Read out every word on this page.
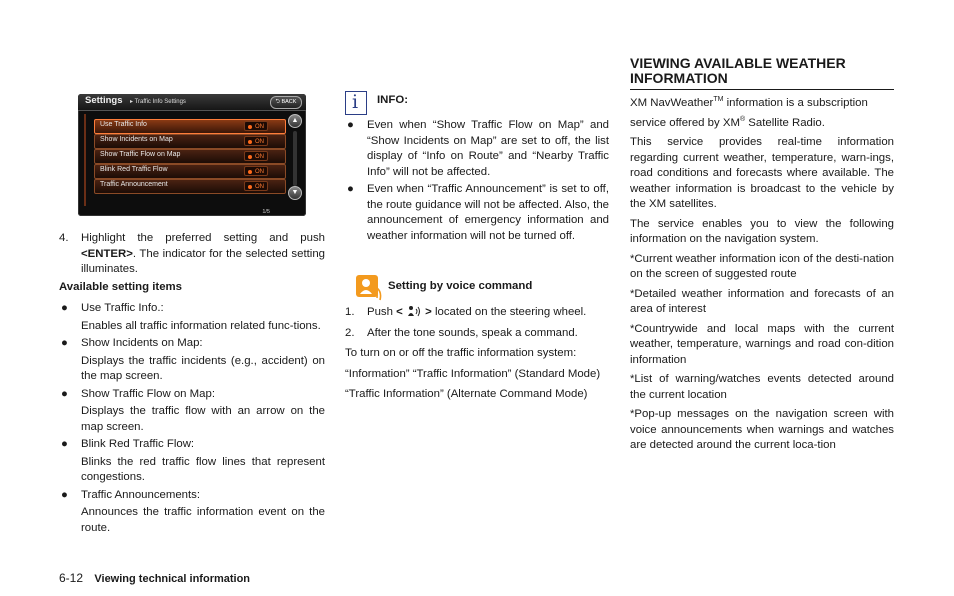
Settings ▸ Traffic Info Settings	⮌ BACK
Use Traffic Info	ON
Show Incidents on Map	ON
Show Traffic Flow on Map	ON
Blink Red Traffic Flow	ON
Traffic Announcement	ON
▲
▼
1/5
4. Highlight the preferred setting and push <ENTER>. The indicator for the selected setting illuminates.

Available setting items
● Use Traffic Info.:

Enables all traffic information related func-tions.

● Show Incidents on Map:

Displays the traffic incidents (e.g., accident) on the map screen.

● Show Traffic Flow on Map:

Displays the traffic flow with an arrow on the map screen.

● Blink Red Traffic Flow:

Blinks the red traffic flow lines that represent congestions.

● Traffic Announcements:

Announces the traffic information event on the route.

i
INFO:
● Even when “Show Traffic Flow on Map” and “Show Incidents on Map” are set to off, the list display of “Info on Route” and “Nearby Traffic Info” will not be affected.

● Even when “Traffic Announcement” is set to off, the route guidance will not be affected. Also, the announcement of emergency information and weather information will not be turned off.

Setting by voice command
1. Push < > located on the steering wheel.
2. After the tone sounds, speak a command.

To turn on or off the traffic information system:

“Information” “Traffic Information” (Standard Mode)

“Traffic Information” (Alternate Command Mode)

VIEWING AVAILABLE WEATHER INFORMATION

XM NavWeather™ information is a subscription service offered by XM® Satellite Radio.

This service provides real-time information regarding current weather, temperature, warn-ings, road conditions and forecasts where available. The weather information is broadcast to the vehicle by the XM satellites.

The service enables you to view the following information on the navigation system.

*Current weather information icon of the desti-nation on the screen of suggested route

*Detailed weather information and forecasts of an area of interest

*Countrywide and local maps with the current weather, temperature, warnings and road con-dition information

*List of warning/watches events detected around the current location

*Pop-up messages on the navigation screen with voice announcements when warnings and watches are detected around the current loca-tion

6-12 Viewing technical information
